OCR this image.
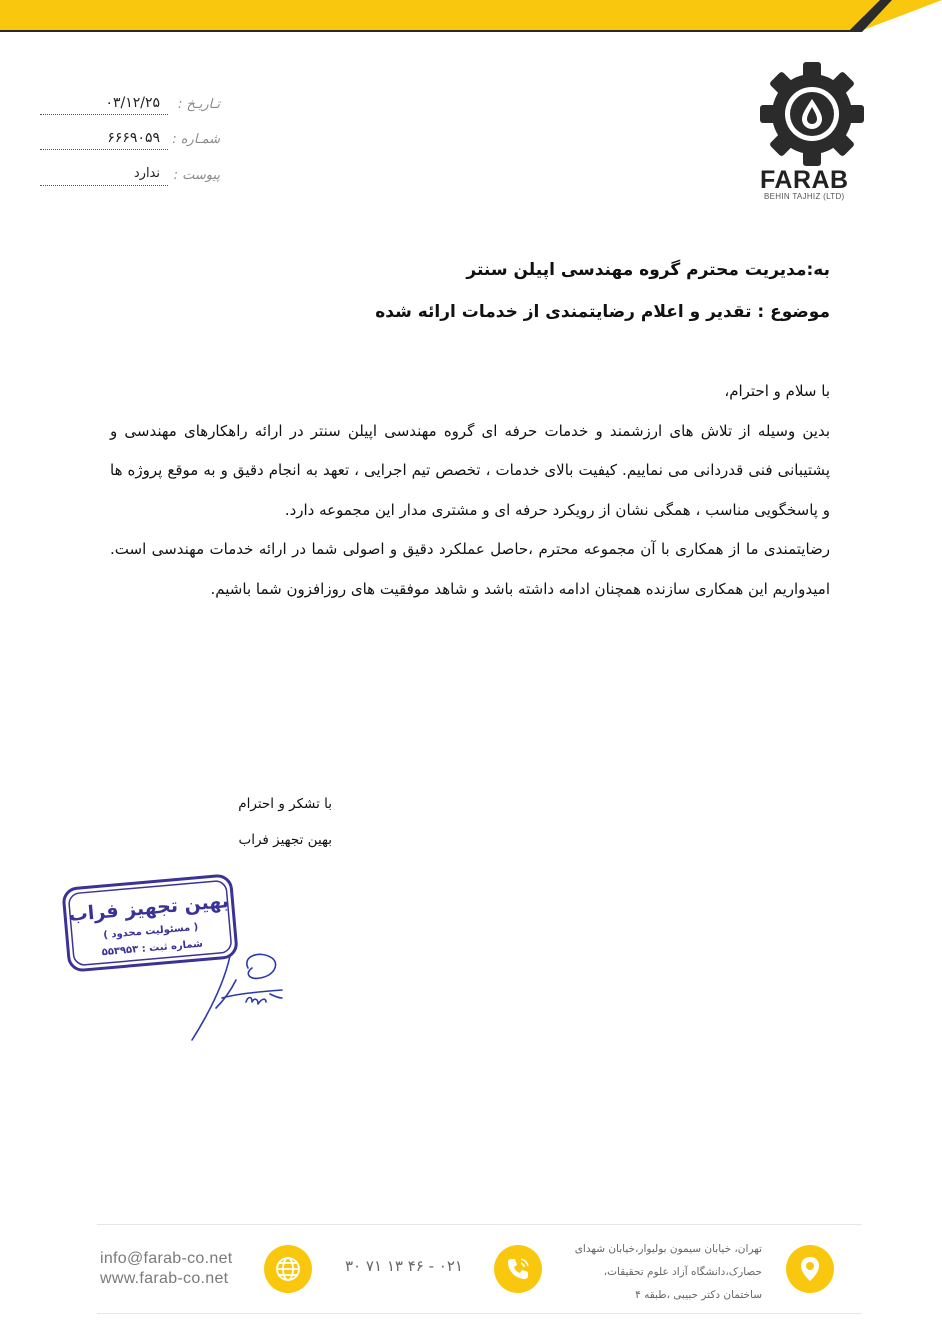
تـاریـخ :
۰۳/۱۲/۲۵
شمـاره :
۶۶۶۹۰۵۹
پیوست :
ندارد	FARAB
BEHIN TAJHIZ (LTD)
به:مدیریت محترم گروه مهندسی اپیلن سنتر
موضوع : تقدیر و اعلام رضایتمندی از خدمات ارائه شده

با سلام و احترام،

بدین وسیله از تلاش های ارزشمند و خدمات حرفه ای گروه مهندسی اپیلن سنتر در ارائه راهکارهای مهندسی و پشتیبانی فنی قدردانی می نماییم. کیفیت بالای خدمات ، تخصص تیم اجرایی ، تعهد به انجام دقیق و به موقع پروژه ها و پاسخگویی مناسب ، همگی نشان از رویکرد حرفه ای و مشتری مدار این مجموعه دارد.

رضایتمندی ما از همکاری با آن مجموعه محترم ،حاصل عملکرد دقیق و اصولی شما در ارائه خدمات مهندسی است. امیدواریم این همکاری سازنده همچنان ادامه داشته باشد و شاهد موفقیت های روزافزون شما باشیم.

با تشکر و احترام
بهین تجهیز فراب
بهین تجهیز فراب
( مسئولیت محدود )
شماره ثبت : ۵۵۳۹۵۳
info@farab-co.net
www.farab-co.net
۰۲۱ - ۴۶ ۱۳ ۷۱ ۳۰
تهران، خیابان سیمون بولیوار،خیابان شهدای
حصارک،دانشگاه آزاد علوم تحقیقات،
ساختمان دکتر حبیبی ،طبقه ۴
